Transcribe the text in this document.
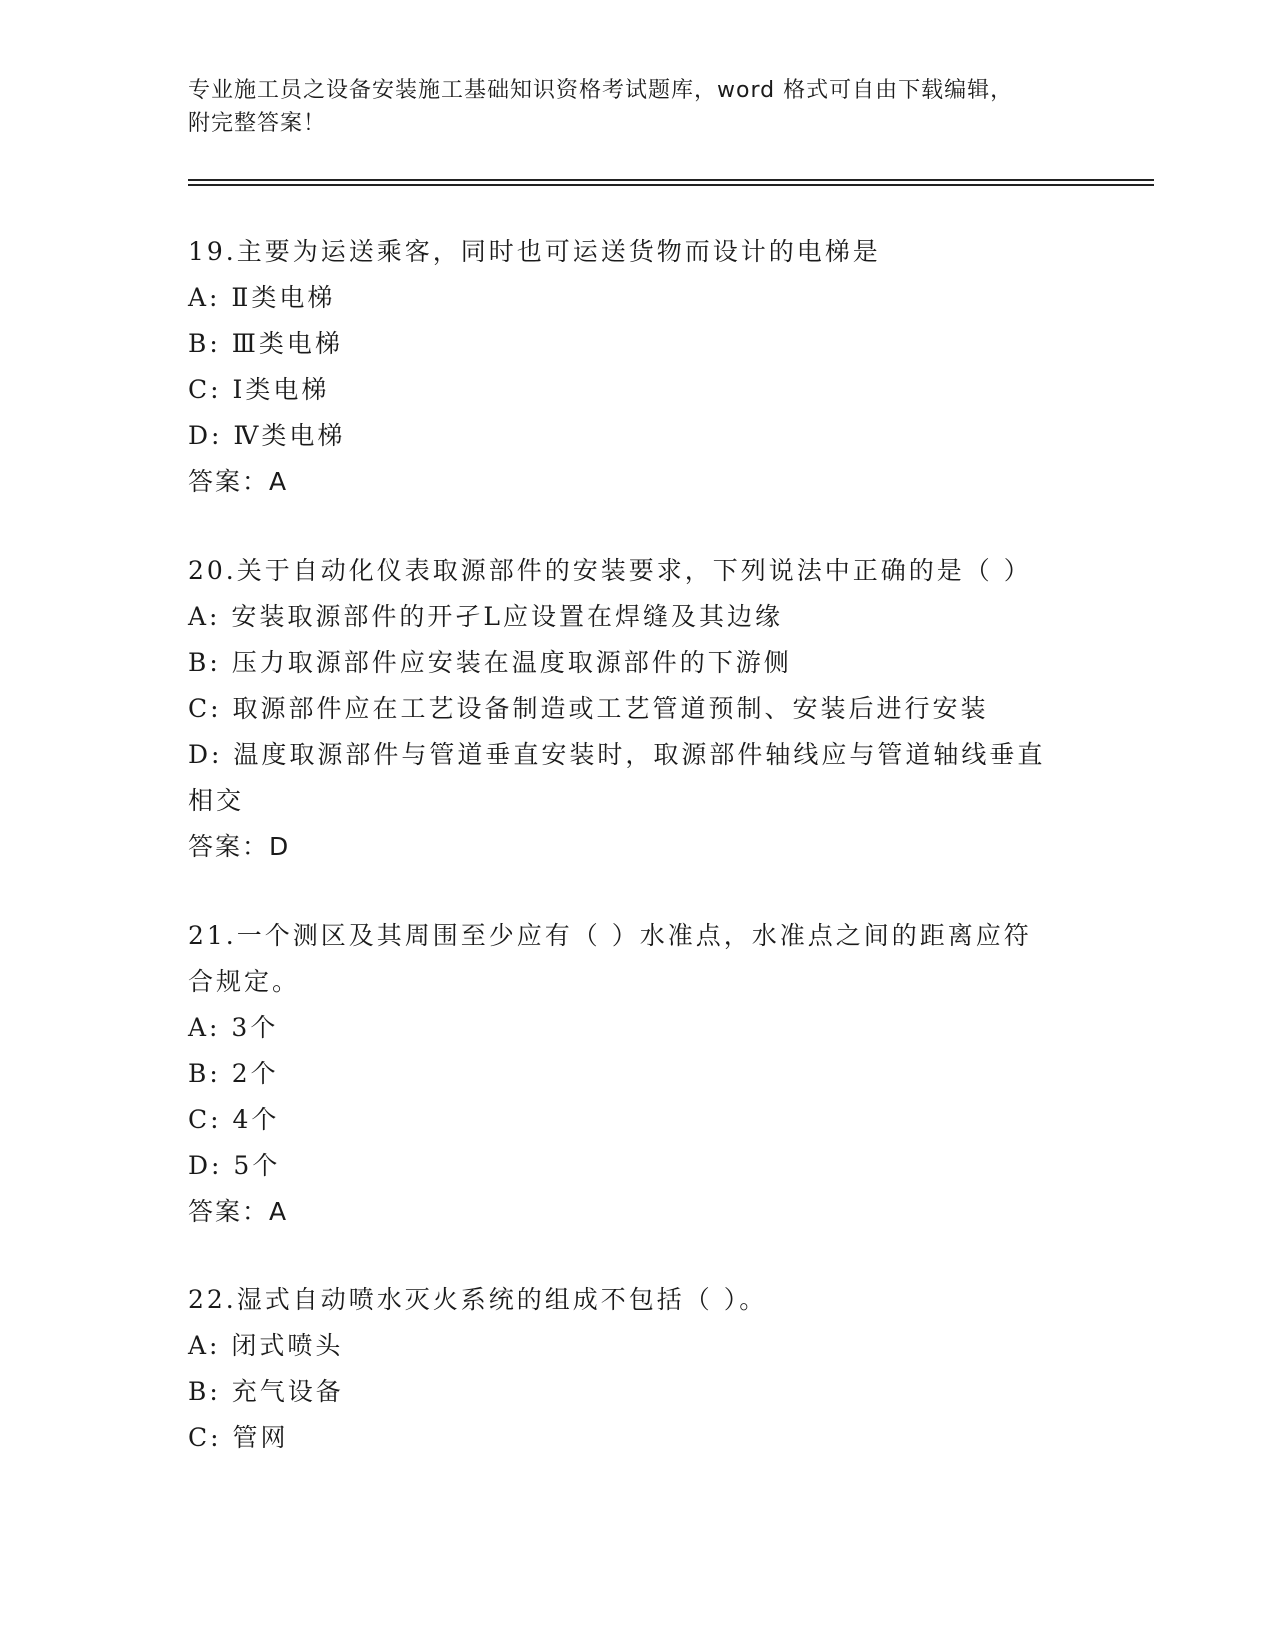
专业施工员之设备安装施工基础知识资格考试题库，word 格式可自由下载编辑，
附完整答案！
19.主要为运送乘客，同时也可运送货物而设计的电梯是
A: Ⅱ类电梯
B: Ⅲ类电梯
C: Ⅰ类电梯
D: Ⅳ类电梯
答案：A
20.关于自动化仪表取源部件的安装要求，下列说法中正确的是（ ）
A: 安装取源部件的开孑L应设置在焊缝及其边缘
B: 压力取源部件应安装在温度取源部件的下游侧
C: 取源部件应在工艺设备制造或工艺管道预制、安装后进行安装
D: 温度取源部件与管道垂直安装时，取源部件轴线应与管道轴线垂直相交
答案：D
21.一个测区及其周围至少应有（ ）水准点，水准点之间的距离应符
合规定。
A: 3个
B: 2个
C: 4个
D: 5个
答案：A
22.湿式自动喷水灭火系统的组成不包括（ ）。
A: 闭式喷头
B: 充气设备
C: 管网
